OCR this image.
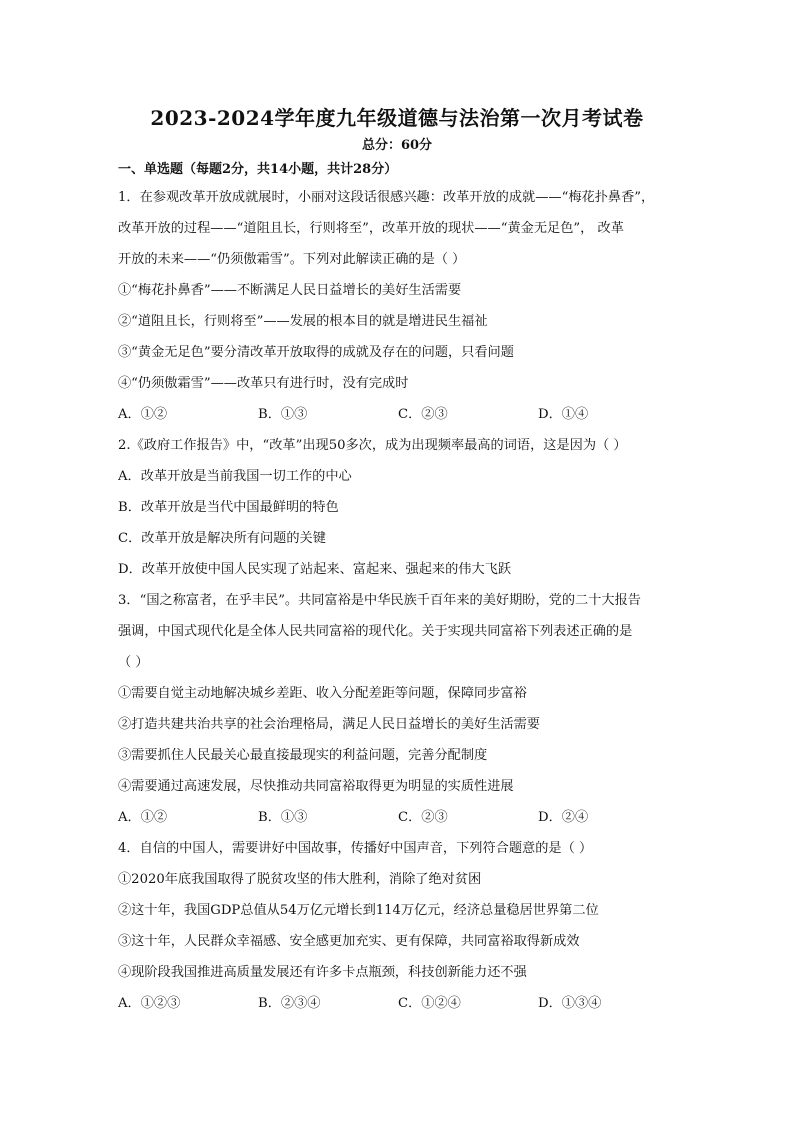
2023-2024学年度九年级道德与法治第一次月考试卷
总分：60分
一、单选题（每题2分，共14小题，共计28分）
1．在参观改革开放成就展时，小丽对这段话很感兴趣：改革开放的成就——“梅花扑鼻香”，
改革开放的过程——“道阻且长，行则将至”，改革开放的现状——“黄金无足色”， 改革
开放的未来——“仍须傲霜雪”。下列对此解读正确的是（ ）
①“梅花扑鼻香”——不断满足人民日益增长的美好生活需要
②“道阻且长，行则将至”——发展的根本目的就是增进民生福祉
③“黄金无足色”要分清改革开放取得的成就及存在的问题，只看问题
④“仍须傲霜雪”——改革只有进行时，没有完成时
A．①②	B．①③	C．②③	D．①④
2.《政府工作报告》中，“改革”出现50多次，成为出现频率最高的词语，这是因为（ ）
A．改革开放是当前我国一切工作的中心
B．改革开放是当代中国最鲜明的特色
C．改革开放是解决所有问题的关键
D．改革开放使中国人民实现了站起来、富起来、强起来的伟大飞跃
3．“国之称富者，在乎丰民”。共同富裕是中华民族千百年来的美好期盼，党的二十大报告
强调，中国式现代化是全体人民共同富裕的现代化。关于实现共同富裕下列表述正确的是
（ ）
①需要自觉主动地解决城乡差距、收入分配差距等问题，保障同步富裕
②打造共建共治共享的社会治理格局，满足人民日益增长的美好生活需要
③需要抓住人民最关心最直接最现实的利益问题，完善分配制度
④需要通过高速发展，尽快推动共同富裕取得更为明显的实质性进展
A．①②	B．①③	C．②③	D．②④
4．自信的中国人，需要讲好中国故事，传播好中国声音，下列符合题意的是（ ）
①2020年底我国取得了脱贫攻坚的伟大胜利，消除了绝对贫困
②这十年，我国GDP总值从54万亿元增长到114万亿元，经济总量稳居世界第二位
③这十年，人民群众幸福感、安全感更加充实、更有保障，共同富裕取得新成效
④现阶段我国推进高质量发展还有许多卡点瓶颈，科技创新能力还不强
A．①②③	B．②③④	C．①②④	D．①③④
